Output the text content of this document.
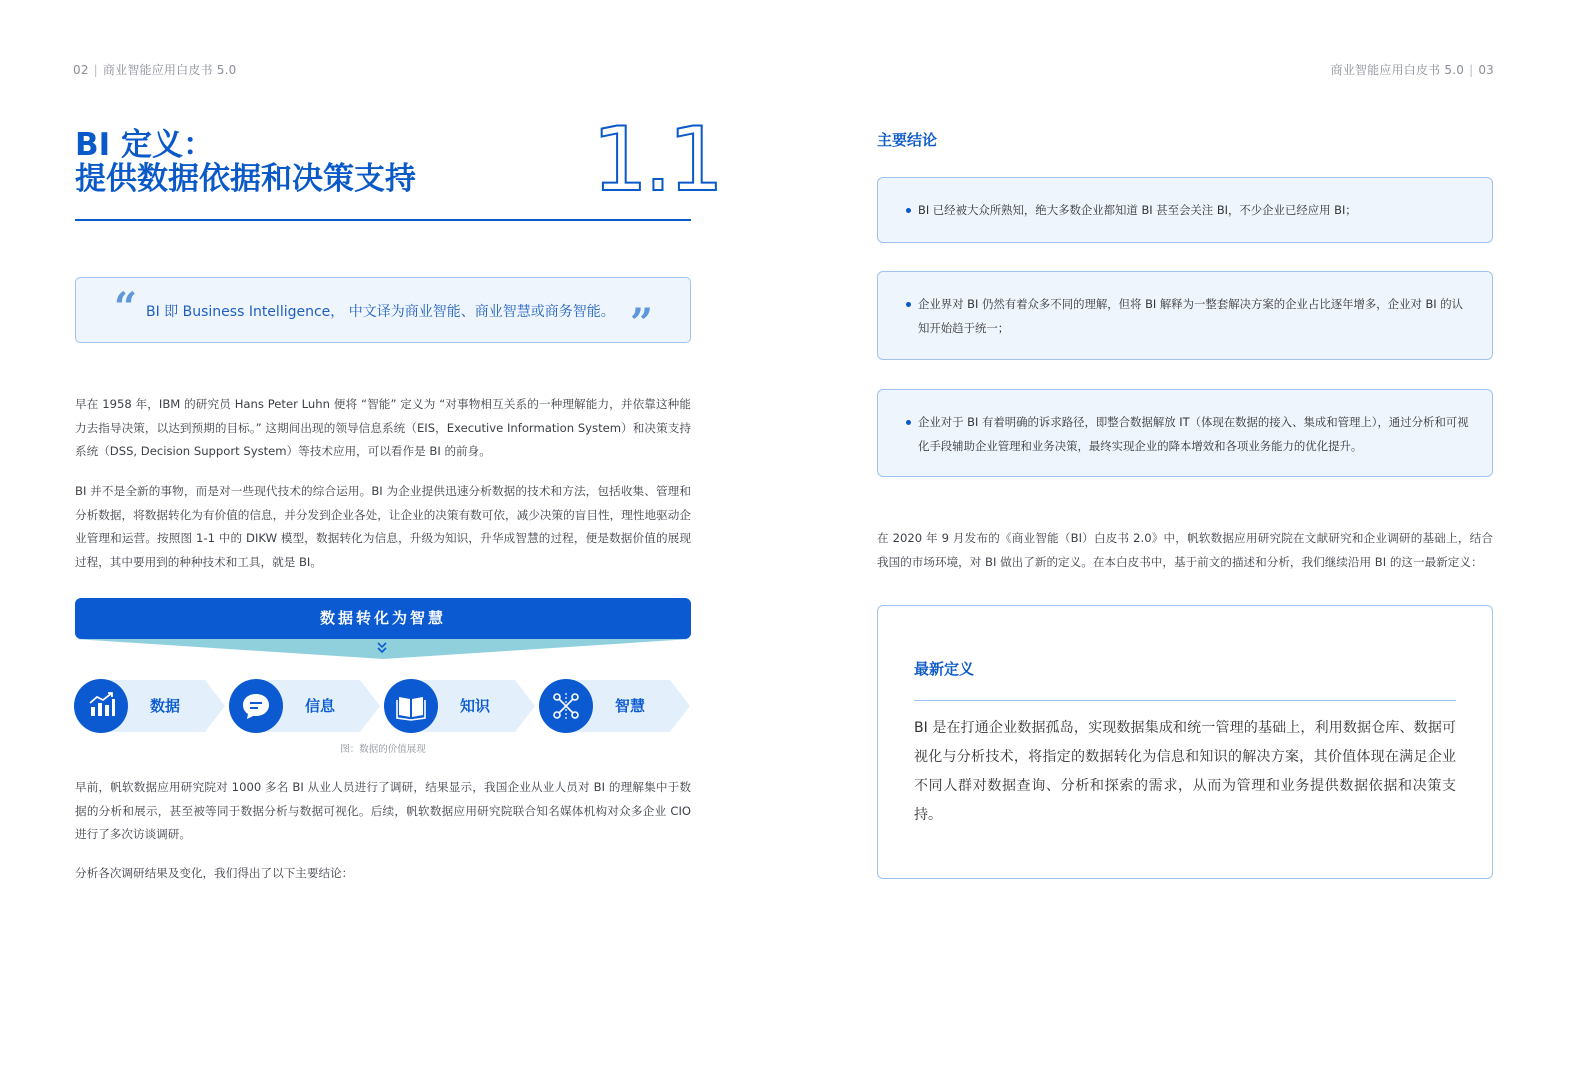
02 | 商业智能应用白皮书 5.0	商业智能应用白皮书 5.0 | 03
BI 定义：
提供数据依据和决策支持	1.1
“ BI 即 Business Intelligence， 中文译为商业智能、商业智慧或商务智能。 ”
早在 1958 年，IBM 的研究员 Hans Peter Luhn 便将 “智能” 定义为 “对事物相互关系的一种理解能力，并依靠这种能力去指导决策，以达到预期的目标。” 这期间出现的领导信息系统（EIS，Executive Information System）和决策支持系统（DSS, Decision Support System）等技术应用，可以看作是 BI 的前身。
BI 并不是全新的事物，而是对一些现代技术的综合运用。BI 为企业提供迅速分析数据的技术和方法，包括收集、管理和分析数据，将数据转化为有价值的信息，并分发到企业各处，让企业的决策有数可依，减少决策的盲目性，理性地驱动企业管理和运营。按照图 1-1 中的 DIKW 模型，数据转化为信息，升级为知识，升华成智慧的过程，便是数据价值的展现过程，其中要用到的种种技术和工具，就是 BI。
数据转化为智慧
数据	信息	知识	智慧
图：数据的价值展现
早前，帆软数据应用研究院对 1000 多名 BI 从业人员进行了调研，结果显示，我国企业从业人员对 BI 的理解集中于数据的分析和展示，甚至被等同于数据分析与数据可视化。后续，帆软数据应用研究院联合知名媒体机构对众多企业 CIO 进行了多次访谈调研。
分析各次调研结果及变化，我们得出了以下主要结论：
主要结论
BI 已经被大众所熟知，绝大多数企业都知道 BI 甚至会关注 BI，不少企业已经应用 BI；
企业界对 BI 仍然有着众多不同的理解，但将 BI 解释为一整套解决方案的企业占比逐年增多，企业对 BI 的认知开始趋于统一；
企业对于 BI 有着明确的诉求路径，即整合数据解放 IT（体现在数据的接入、集成和管理上），通过分析和可视化手段辅助企业管理和业务决策，最终实现企业的降本增效和各项业务能力的优化提升。
在 2020 年 9 月发布的《商业智能（BI）白皮书 2.0》中，帆软数据应用研究院在文献研究和企业调研的基础上，结合我国的市场环境，对 BI 做出了新的定义。在本白皮书中，基于前文的描述和分析，我们继续沿用 BI 的这一最新定义：
最新定义
BI 是在打通企业数据孤岛，实现数据集成和统一管理的基础上，利用数据仓库、数据可视化与分析技术，将指定的数据转化为信息和知识的解决方案，其价值体现在满足企业不同人群对数据查询、分析和探索的需求，从而为管理和业务提供数据依据和决策支持。
